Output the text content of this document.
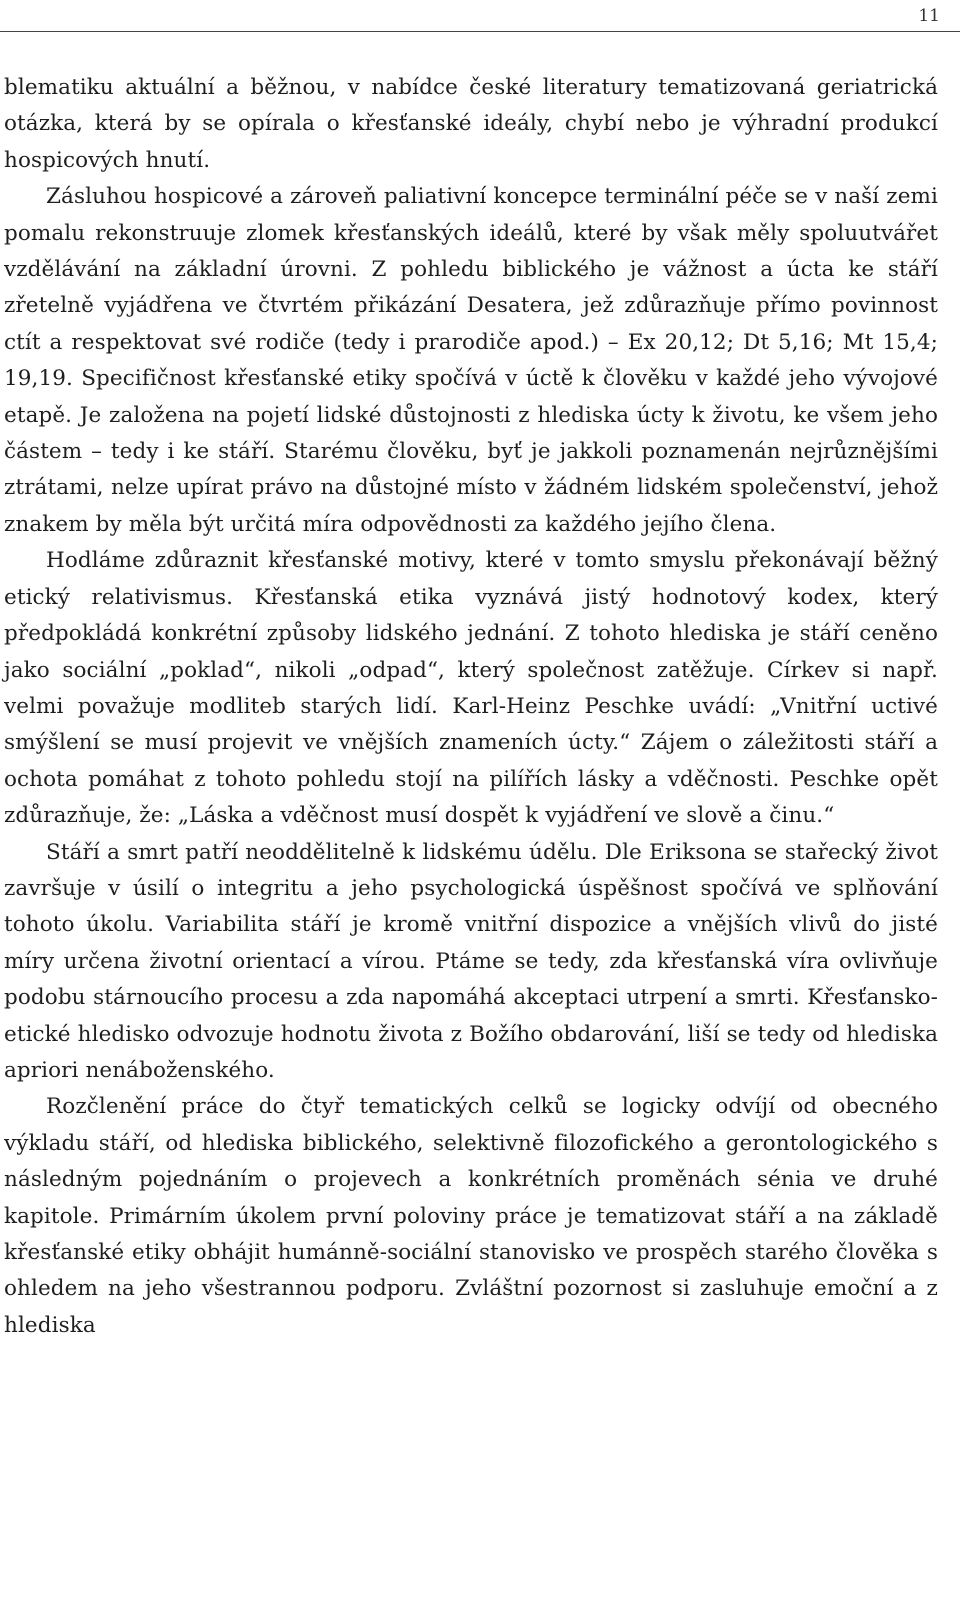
11

blematiku aktuální a běžnou, v nabídce české literatury tematizovaná geriatrická otázka, která by se opírala o křesťanské ideály, chybí nebo je výhradní produkcí hospicových hnutí.

Zásluhou hospicové a zároveň paliativní koncepce terminální péče se v naší zemi pomalu rekonstruuje zlomek křesťanských ideálů, které by však měly spoluutvářet vzdělávání na základní úrovni. Z pohledu biblického je vážnost a úcta ke stáří zřetelně vyjádřena ve čtvrtém přikázání Desatera, jež zdůrazňuje přímo povinnost ctít a respektovat své rodiče (tedy i prarodiče apod.) – Ex 20,12; Dt 5,16; Mt 15,4; 19,19. Specifičnost křesťanské etiky spočívá v úctě k člověku v každé jeho vývojové etapě. Je založena na pojetí lidské důstojnosti z hlediska úcty k životu, ke všem jeho částem – tedy i ke stáří. Starému člověku, byť je jakkoli poznamenán nejrůznějšími ztrátami, nelze upírat právo na důstojné místo v žádném lidském společenství, jehož znakem by měla být určitá míra odpovědnosti za každého jejího člena.

Hodláme zdůraznit křesťanské motivy, které v tomto smyslu překonávají běžný etický relativismus. Křesťanská etika vyznává jistý hodnotový kodex, který předpokládá konkrétní způsoby lidského jednání. Z tohoto hlediska je stáří ceněno jako sociální „poklad“, nikoli „odpad“, který společnost zatěžuje. Církev si např. velmi považuje modliteb starých lidí. Karl-Heinz Peschke uvádí: „Vnitřní uctivé smýšlení se musí projevit ve vnějších znameních úcty.“ Zájem o záležitosti stáří a ochota pomáhat z tohoto pohledu stojí na pilířích lásky a vděčnosti. Peschke opět zdůrazňuje, že: „Láska a vděčnost musí dospět k vyjádření ve slově a činu.“

Stáří a smrt patří neoddělitelně k lidskému údělu. Dle Eriksona se stařecký život završuje v úsilí o integritu a jeho psychologická úspěšnost spočívá ve splňování tohoto úkolu. Variabilita stáří je kromě vnitřní dispozice a vnějších vlivů do jisté míry určena životní orientací a vírou. Ptáme se tedy, zda křesťanská víra ovlivňuje podobu stárnoucího procesu a zda napomáhá akceptaci utrpení a smrti. Křesťansko-etické hledisko odvozuje hodnotu života z Božího obdarování, liší se tedy od hlediska apriori nenáboženského.

Rozčlenění práce do čtyř tematických celků se logicky odvíjí od obecného výkladu stáří, od hlediska biblického, selektivně filozofického a gerontologického s následným pojednáním o projevech a konkrétních proměnách sénia ve druhé kapitole. Primárním úkolem první poloviny práce je tematizovat stáří a na základě křesťanské etiky obhájit humánně-sociální stanovisko ve prospěch starého člověka s ohledem na jeho všestrannou podporu. Zvláštní pozornost si zasluhuje emoční a z hlediska
